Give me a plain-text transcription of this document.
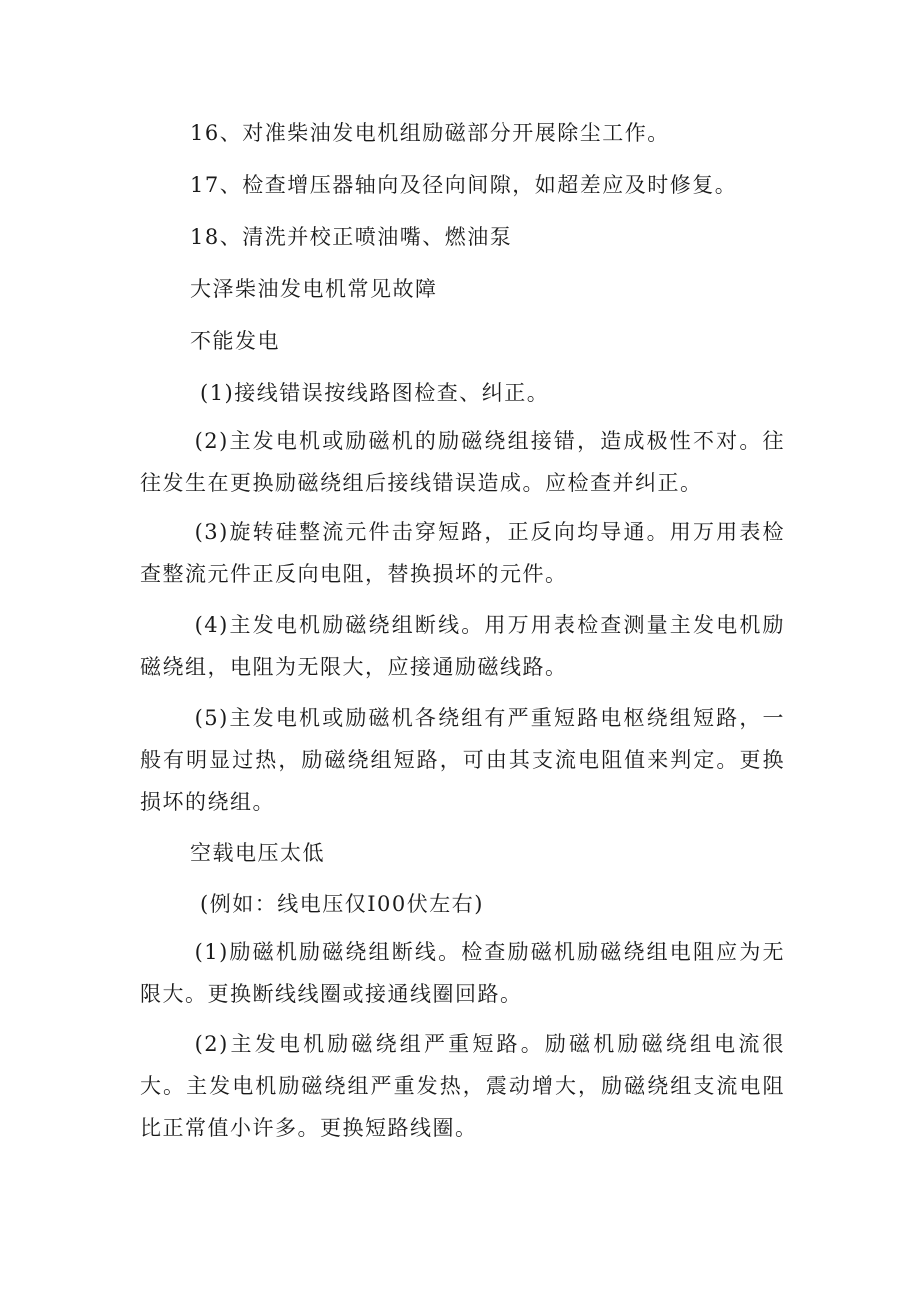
16、对准柴油发电机组励磁部分开展除尘工作。
17、检查增压器轴向及径向间隙，如超差应及时修复。
18、清洗并校正喷油嘴、燃油泵
大泽柴油发电机常见故障
不能发电
(1)接线错误按线路图检查、纠正。
(2)主发电机或励磁机的励磁绕组接错，造成极性不对。往往发生在更换励磁绕组后接线错误造成。应检查并纠正。
(3)旋转硅整流元件击穿短路，正反向均导通。用万用表检查整流元件正反向电阻，替换损坏的元件。
(4)主发电机励磁绕组断线。用万用表检查测量主发电机励磁绕组，电阻为无限大，应接通励磁线路。
(5)主发电机或励磁机各绕组有严重短路电枢绕组短路，一般有明显过热，励磁绕组短路，可由其支流电阻值来判定。更换损坏的绕组。
空载电压太低
(例如：线电压仅I00伏左右)
(1)励磁机励磁绕组断线。检查励磁机励磁绕组电阻应为无限大。更换断线线圈或接通线圈回路。
(2)主发电机励磁绕组严重短路。励磁机励磁绕组电流很大。主发电机励磁绕组严重发热，震动增大，励磁绕组支流电阻比正常值小许多。更换短路线圈。
